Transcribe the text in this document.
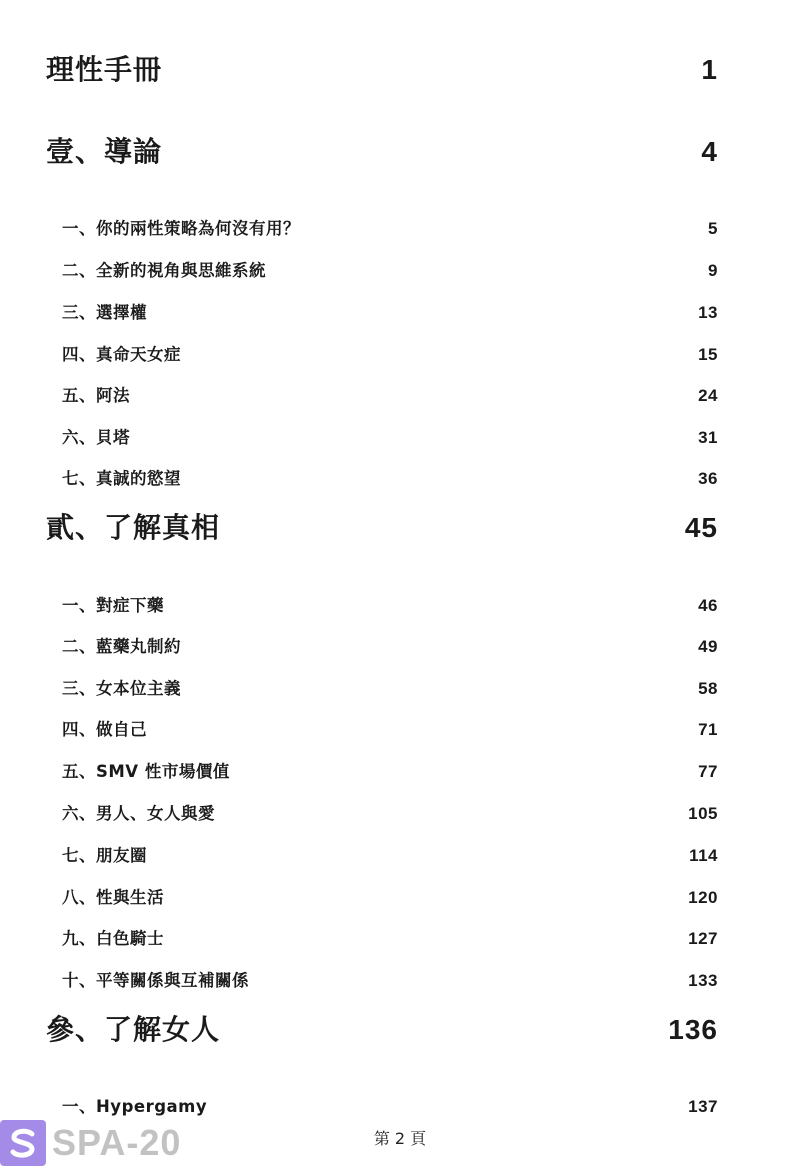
理性手冊	1
壹、導論	4
一、你的兩性策略為何沒有用？	5
二、全新的視角與思維系統	9
三、選擇權	13
四、真命天女症	15
五、阿法	24
六、貝塔	31
七、真誠的慾望	36
貳、了解真相	45
一、對症下藥	46
二、藍藥丸制約	49
三、女本位主義	58
四、做自己	71
五、SMV 性市場價值	77
六、男人、女人與愛	105
七、朋友圈	114
八、性與生活	120
九、白色騎士	127
十、平等關係與互補關係	133
參、了解女人	136
一、Hypergamy	137
第 2 頁
SPA-20
